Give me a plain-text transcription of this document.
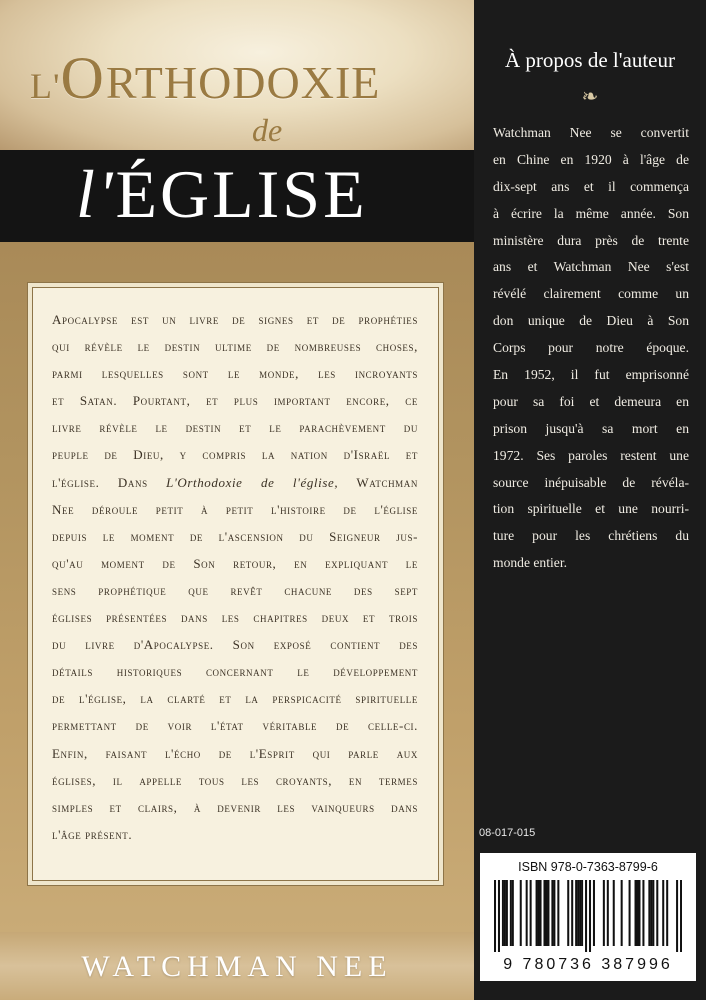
L'ORTHODOXIE
de
l'ÉGLISE
Apocalypse est un livre de signes et de prophéties
qui révèle le destin ultime de nombreuses choses,
parmi lesquelles sont le monde, les incroyants
et Satan. Pourtant, et plus important encore, ce
livre révèle le destin et le parachèvement du
peuple de Dieu, y compris la nation d'Israël et
l'église. Dans L'Orthodoxie de l'église, Watchman
Nee déroule petit à petit l'histoire de l'église
depuis le moment de l'ascension du Seigneur jus-
qu'au moment de Son retour, en expliquant le
sens prophétique que revêt chacune des sept
églises présentées dans les chapitres deux et trois
du livre d'Apocalypse. Son exposé contient des
détails historiques concernant le développement
de l'église, la clarté et la perspicacité spirituelle
permettant de voir l'état véritable de celle-ci.
Enfin, faisant l'écho de l'Esprit qui parle aux
églises, il appelle tous les croyants, en termes
simples et clairs, à devenir les vainqueurs dans
l'âge présent.
WATCHMAN NEE
À propos de l'auteur
❧
Watchman Nee se convertit
en Chine en 1920 à l'âge de
dix-sept ans et il commença
à écrire la même année. Son
ministère dura près de trente
ans et Watchman Nee s'est
révélé clairement comme un
don unique de Dieu à Son
Corps pour notre époque.
En 1952, il fut emprisonné
pour sa foi et demeura en
prison jusqu'à sa mort en
1972. Ses paroles restent une
source inépuisable de révéla-
tion spirituelle et une nourri-
ture pour les chrétiens du
monde entier.
08-017-015
ISBN 978-0-7363-8799-6
9 780736 387996
